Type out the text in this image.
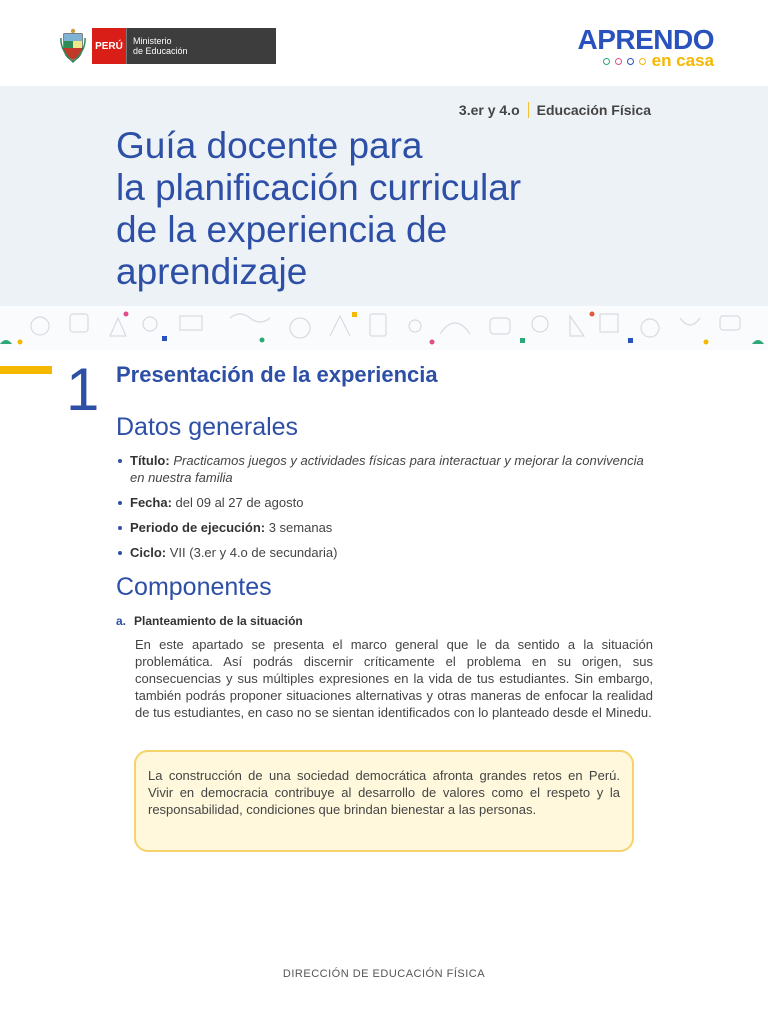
PERÚ	Ministerio
de Educación	APRENDO
en casa
3.er y 4.o Educación Física
Guía docente para
la planificación curricular
de la experiencia de
aprendizaje
1 Presentación de la experiencia
Datos generales
Título: Practicamos juegos y actividades físicas para interactuar y mejorar la convivencia en nuestra familia
Fecha: del 09 al 27 de agosto
Periodo de ejecución: 3 semanas
Ciclo: VII (3.er y 4.o de secundaria)
Componentes
a. Planteamiento de la situación

En este apartado se presenta el marco general que le da sentido a la situación problemática. Así podrás discernir críticamente el problema en su origen, sus consecuencias y sus múltiples expresiones en la vida de tus estudiantes. Sin embargo, también podrás proponer situaciones alternativas y otras maneras de enfocar la realidad de tus estudiantes, en caso no se sientan identificados con lo planteado desde el Minedu.

La construcción de una sociedad democrática afronta grandes retos en Perú. Vivir en democracia contribuye al desarrollo de valores como el respeto y la responsabilidad, condiciones que brindan bienestar a las personas.

DIRECCIÓN DE EDUCACIÓN FÍSICA
